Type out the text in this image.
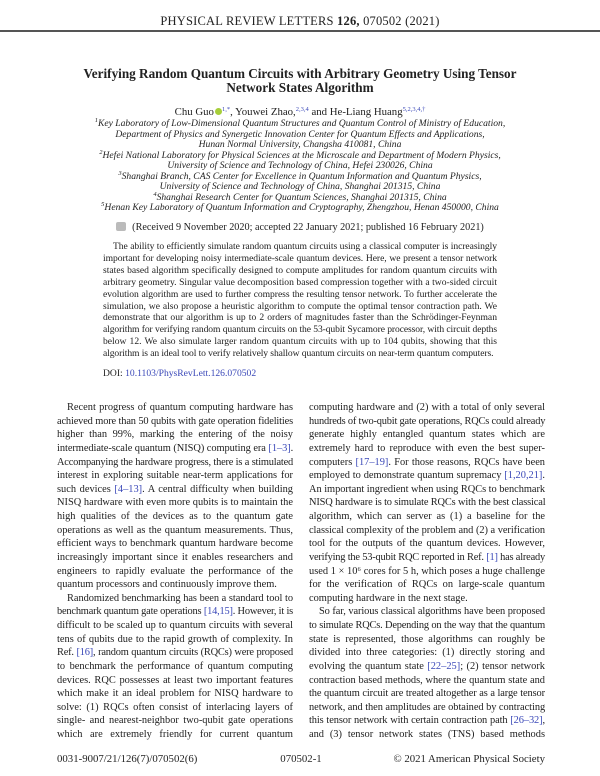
PHYSICAL REVIEW LETTERS 126, 070502 (2021)
Verifying Random Quantum Circuits with Arbitrary Geometry Using Tensor
Network States Algorithm
Chu Guo $^{1,*}$, Youwei Zhao,$^{2,3,4}$ and He-Liang Huang$^{5,2,3,4,\dagger}$
$^1$Key Laboratory of Low-Dimensional Quantum Structures and Quantum Control of Ministry of Education,
Department of Physics and Synergetic Innovation Center for Quantum Effects and Applications,
Hunan Normal University, Changsha 410081, China
$^2$Hefei National Laboratory for Physical Sciences at the Microscale and Department of Modern Physics,
University of Science and Technology of China, Hefei 230026, China
$^3$Shanghai Branch, CAS Center for Excellence in Quantum Information and Quantum Physics,
University of Science and Technology of China, Shanghai 201315, China
$^4$Shanghai Research Center for Quantum Sciences, Shanghai 201315, China
$^5$Henan Key Laboratory of Quantum Information and Cryptography, Zhengzhou, Henan 450000, China
(Received 9 November 2020; accepted 22 January 2021; published 16 February 2021)
The ability to efficiently simulate random quantum circuits using a classical computer is increasingly
important for developing noisy intermediate-scale quantum devices. Here, we present a tensor network
states based algorithm specifically designed to compute amplitudes for random quantum circuits with
arbitrary geometry. Singular value decomposition based compression together with a two-sided circuit
evolution algorithm are used to further compress the resulting tensor network. To further accelerate the
simulation, we also propose a heuristic algorithm to compute the optimal tensor contraction path. We
demonstrate that our algorithm is up to 2 orders of magnitudes faster than the Schrödinger-Feynman
algorithm for verifying random quantum circuits on the 53-qubit Sycamore processor, with circuit depths
below 12. We also simulate larger random quantum circuits with up to 104 qubits, showing that this
algorithm is an ideal tool to verify relatively shallow quantum circuits on near-term quantum computers.
DOI: 10.1103/PhysRevLett.126.070502
Recent progress of quantum computing hardware has
achieved more than 50 qubits with gate operation fidelities
higher than 99%, marking the entering of the noisy
intermediate-scale quantum (NISQ) computing era [1–3].
Accompanying the hardware progress, there is a stimulated
interest in exploring suitable near-term applications for
such devices [4–13]. A central difficulty when building
NISQ hardware with even more qubits is to maintain the
high qualities of the devices as to the quantum gate
operations as well as the quantum measurements. Thus,
efficient ways to benchmark quantum hardware become
increasingly important since it enables researchers and
engineers to rapidly evaluate the performance of the
quantum processors and continuously improve them.
Randomized benchmarking has been a standard tool to
benchmark quantum gate operations [14,15]. However, it is
difficult to be scaled up to quantum circuits with several
tens of qubits due to the rapid growth of complexity. In
Ref. [16], random quantum circuits (RQCs) were proposed
to benchmark the performance of quantum computing
devices. RQC possesses at least two important features
which make it an ideal problem for NISQ hardware to
solve: (1) RQCs often consist of interlacing layers of
single- and nearest-neighbor two-qubit gate operations
which are extremely friendly for current quantum
computing hardware and (2) with a total of only several
hundreds of two-qubit gate operations, RQCs could already
generate highly entangled quantum states which are
extremely hard to reproduce with even the best super-
computers [17–19]. For those reasons, RQCs have been
employed to demonstrate quantum supremacy [1,20,21].
An important ingredient when using RQCs to benchmark
NISQ hardware is to simulate RQCs with the best classical
algorithm, which can server as (1) a baseline for the
classical complexity of the problem and (2) a verification
tool for the outputs of the quantum devices. However,
verifying the 53-qubit RQC reported in Ref. [1] has already
used 1 × 10⁶ cores for 5 h, which poses a huge challenge
for the verification of RQCs on large-scale quantum
computing hardware in the next stage.
So far, various classical algorithms have been proposed
to simulate RQCs. Depending on the way that the quantum
state is represented, those algorithms can roughly be
divided into three categories: (1) directly storing and
evolving the quantum state [22–25]; (2) tensor network
contraction based methods, where the quantum state and
the quantum circuit are treated altogether as a large tensor
network, and then amplitudes are obtained by contracting
this tensor network with certain contraction path [26–32],
and (3) tensor network states (TNS) based methods
0031-9007/21/126(7)/070502(6)	070502-1	© 2021 American Physical Society
